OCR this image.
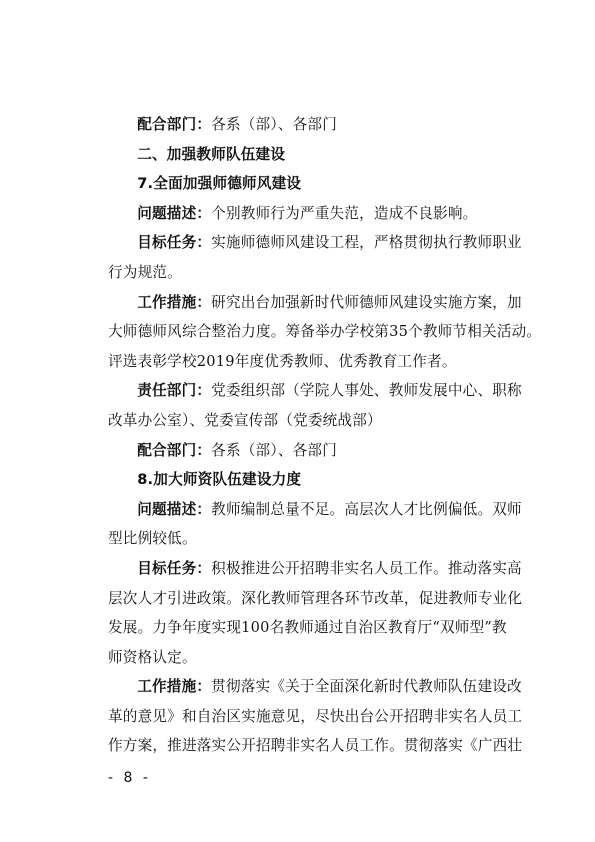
配合部门：各系（部）、各部门
二、加强教师队伍建设
7.全面加强师德师风建设
问题描述：个别教师行为严重失范，造成不良影响。
目标任务：实施师德师风建设工程，严格贯彻执行教师职业
行为规范。
工作措施：研究出台加强新时代师德师风建设实施方案，加
大师德师风综合整治力度。筹备举办学校第35个教师节相关活动。
评选表彰学校2019年度优秀教师、优秀教育工作者。
责任部门：党委组织部（学院人事处、教师发展中心、职称
改革办公室）、党委宣传部（党委统战部）
配合部门：各系（部）、各部门
8.加大师资队伍建设力度
问题描述：教师编制总量不足。高层次人才比例偏低。双师
型比例较低。
目标任务：积极推进公开招聘非实名人员工作。推动落实高
层次人才引进政策。深化教师管理各环节改革，促进教师专业化
发展。力争年度实现100名教师通过自治区教育厅“双师型”教
师资格认定。
工作措施：贯彻落实《关于全面深化新时代教师队伍建设改
革的意见》和自治区实施意见，尽快出台公开招聘非实名人员工
作方案，推进落实公开招聘非实名人员工作。贯彻落实《广西壮
- 8 -
